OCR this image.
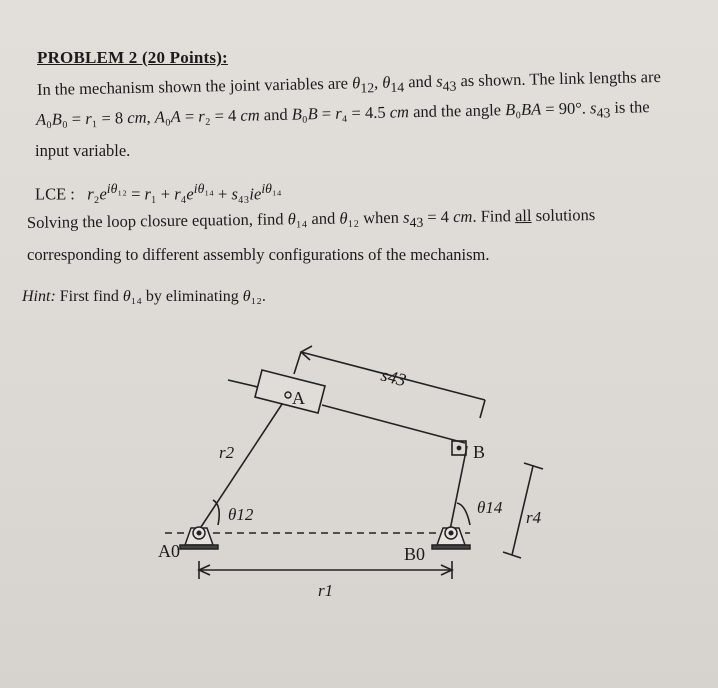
PROBLEM 2 (20 Points):
In the mechanism shown the joint variables are $\theta_{12}$, $\theta_{14}$ and $s_{43}$ as shown. The link lengths are
A₀B₀ = r₁ = 8 cm, A₀A = r₂ = 4 cm and B₀B = r₄ = 4.5 cm and the angle B₀BA = 90°. $s_{43}$ is the
input variable.
LCE : $r_2e^{i\theta_{12}} = r_1 + r_4e^{i\theta_{14}} + s_{43}ie^{i\theta_{14}}$
Solving the loop closure equation, find θ₁₄ and θ₁₂ when $s_{43} = 4$ cm. Find all solutions
corresponding to different assembly configurations of the mechanism.
Hint: First find θ₁₄ by eliminating θ₁₂.
s43
A
B
r2
θ12	θ14
r4
A0	B0
r1
